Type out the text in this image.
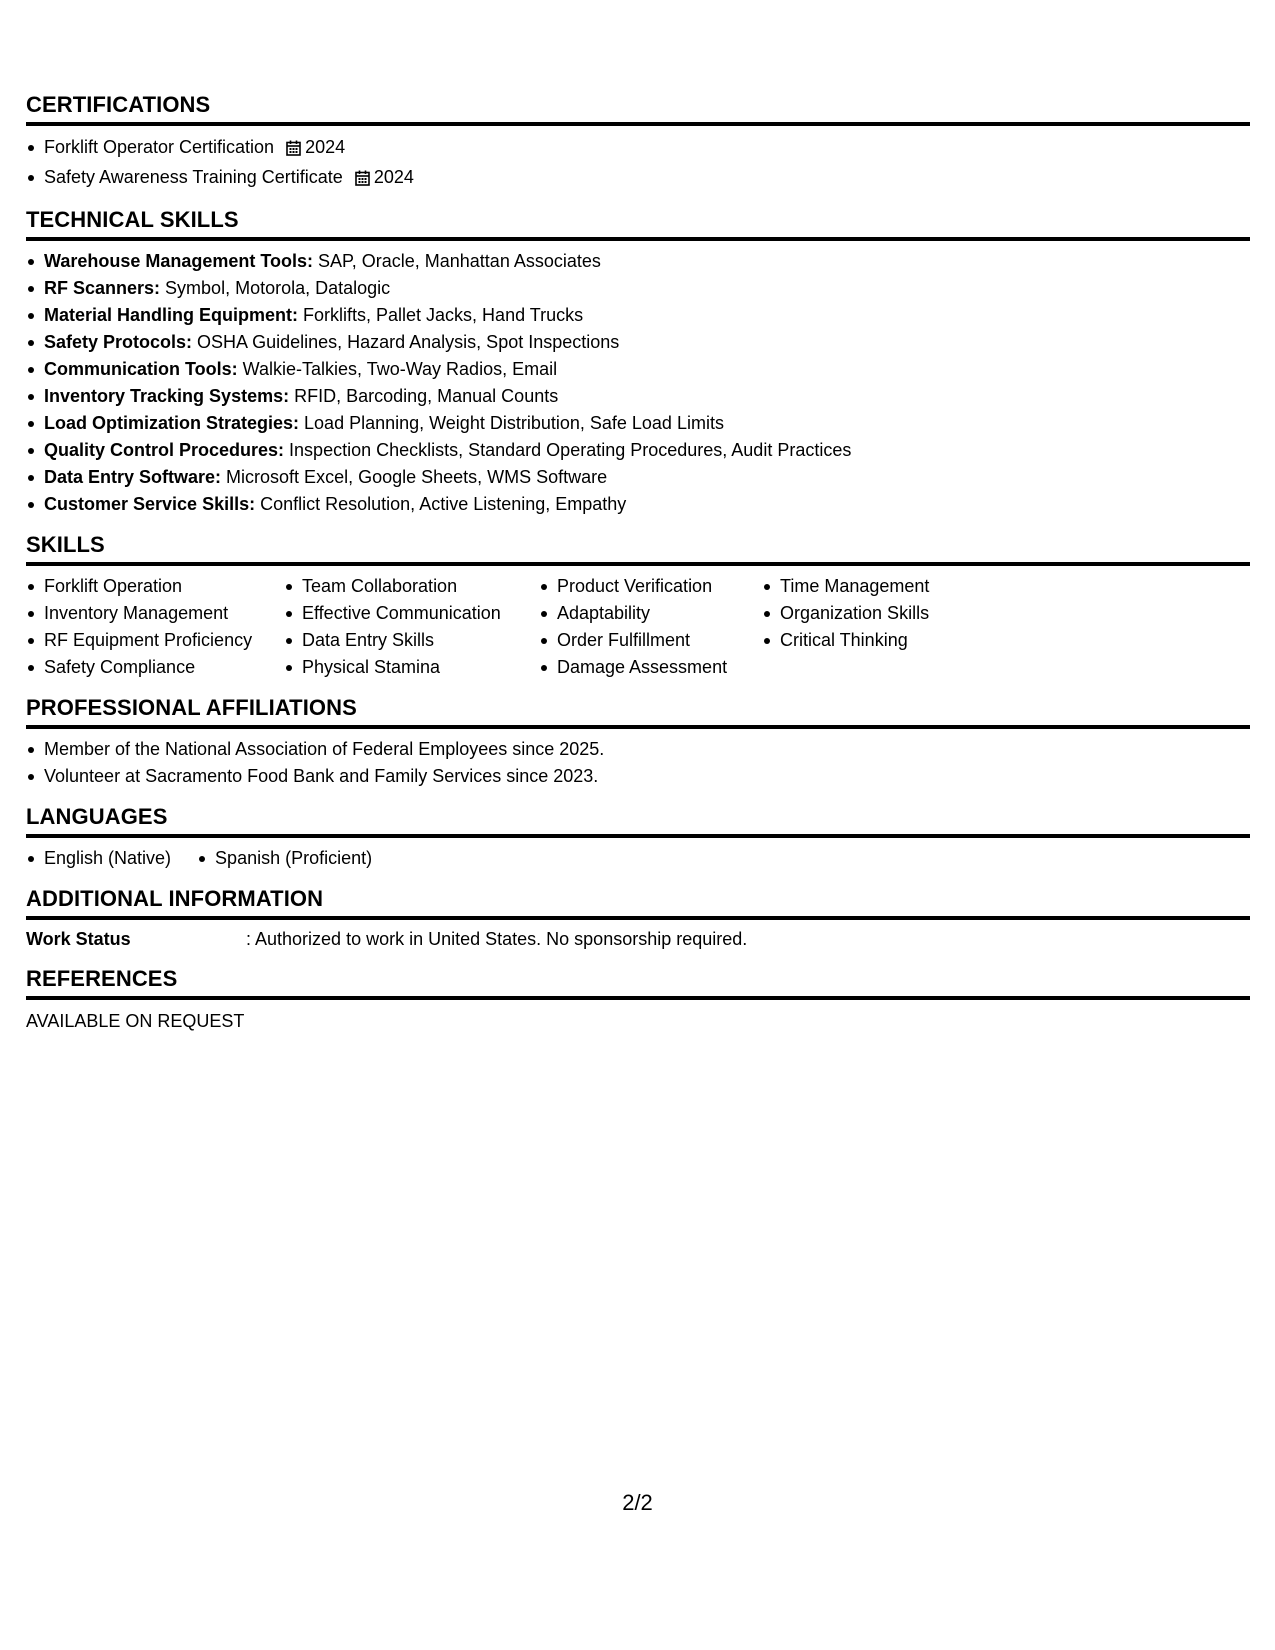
CERTIFICATIONS
Forklift Operator Certification 2024
Safety Awareness Training Certificate 2024
TECHNICAL SKILLS
Warehouse Management Tools: SAP, Oracle, Manhattan Associates
RF Scanners: Symbol, Motorola, Datalogic
Material Handling Equipment: Forklifts, Pallet Jacks, Hand Trucks
Safety Protocols: OSHA Guidelines, Hazard Analysis, Spot Inspections
Communication Tools: Walkie-Talkies, Two-Way Radios, Email
Inventory Tracking Systems: RFID, Barcoding, Manual Counts
Load Optimization Strategies: Load Planning, Weight Distribution, Safe Load Limits
Quality Control Procedures: Inspection Checklists, Standard Operating Procedures, Audit Practices
Data Entry Software: Microsoft Excel, Google Sheets, WMS Software
Customer Service Skills: Conflict Resolution, Active Listening, Empathy
SKILLS
Forklift Operation
Inventory Management
RF Equipment Proficiency
Safety Compliance
Team Collaboration
Effective Communication
Data Entry Skills
Physical Stamina
Product Verification
Adaptability
Order Fulfillment
Damage Assessment
Time Management
Organization Skills
Critical Thinking
PROFESSIONAL AFFILIATIONS
Member of the National Association of Federal Employees since 2025.
Volunteer at Sacramento Food Bank and Family Services since 2023.
LANGUAGES
English (Native)	Spanish (Proficient)
ADDITIONAL INFORMATION
Work Status	: Authorized to work in United States. No sponsorship required.
REFERENCES
AVAILABLE ON REQUEST
2/2
